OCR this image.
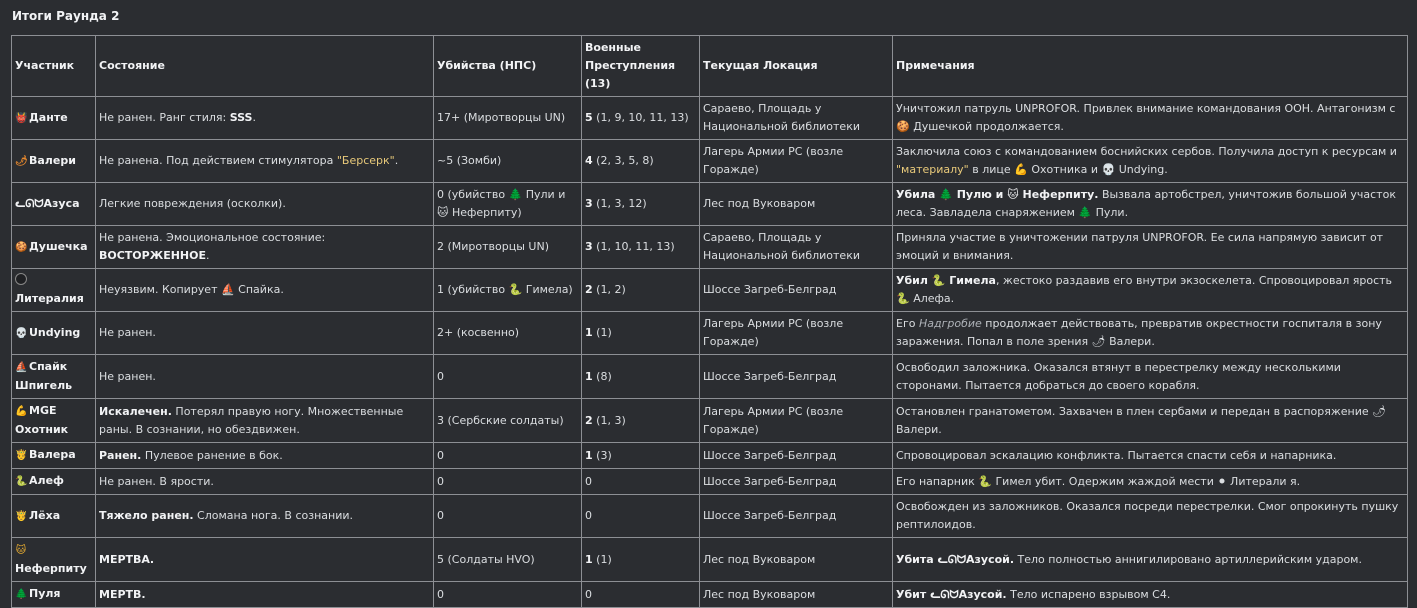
Итоги Раунда 2
Участник	Состояние	Убийства (НПС)	Военные Преступления (13)	Текущая Локация	Примечания
👹 Данте	Не ранен. Ранг стиля: SSS.	17+ (Миротворцы UN)	5 (1, 9, 10, 11, 13)	Сараево, Площадь у Национальной библиотеки	Уничтожил патруль UNPROFOR. Привлек внимание командования ООН. Антагонизм с 🍪 Душечкой продолжается.
🌶Валери	Не ранена. Под действием стимулятора "Берсерк".	~5 (Зомби)	4 (2, 3, 5, 8)	Лагерь Армии РС (возле Горажде)	Заключила союз с командованием боснийских сербов. Получила доступ к ресурсам и "материалу" в лице 💪 Охотника и 💀 Undying.
ᓚᘏᗢАзуса	Легкие повреждения (осколки).	0 (убийство 🌲 Пули и 🐱 Неферпиту)	3 (1, 3, 12)	Лес под Вуковаром	Убила 🌲 Пулю и 🐱 Неферпиту. Вызвала артобстрел, уничтожив большой участок леса. Завладела снаряжением 🌲 Пули.
🍪 Душечка	Не ранена. Эмоциональное состояние: ВОСТОРЖЕННОЕ.	2 (Миротворцы UN)	3 (1, 10, 11, 13)	Сараево, Площадь у Национальной библиотеки	Приняла участие в уничтожении патруля UNPROFOR. Ее сила напрямую зависит от эмоций и внимания.
Литералия	Неуязвим. Копирует ⛵ Спайка.	1 (убийство 🐍 Гимела)	2 (1, 2)	Шоссе Загреб-Белград	Убил 🐍 Гимела, жестоко раздавив его внутри экзоскелета. Спровоцировал ярость 🐍 Алефа.
💀 Undying	Не ранен.	2+ (косвенно)	1 (1)	Лагерь Армии РС (возле Горажде)	Его Надгробие продолжает действовать, превратив окрестности госпиталя в зону заражения. Попал в поле зрения 🌶 Валери.
⛵ Спайк Шпигель	Не ранен.	0	1 (8)	Шоссе Загреб-Белград	Освободил заложника. Оказался втянут в перестрелку между несколькими сторонами. Пытается добраться до своего корабля.
💪 MGE Охотник	Искалечен. Потерял правую ногу. Множественные раны. В сознании, но обездвижен.	3 (Сербские солдаты)	2 (1, 3)	Лагерь Армии РС (возле Горажде)	Остановлен гранатометом. Захвачен в плен сербами и передан в распоряжение 🌶 Валери.
🤴 Валера	Ранен. Пулевое ранение в бок.	0	1 (3)	Шоссе Загреб-Белград	Спровоцировал эскалацию конфликта. Пытается спасти себя и напарника.
🐍 Алеф	Не ранен. В ярости.	0	0	Шоссе Загреб-Белград	Его напарник 🐍 Гимел убит. Одержим жаждой мести ⚫ Литерали я.
🤴 Лёха	Тяжело ранен. Сломана нога. В сознании.	0	0	Шоссе Загреб-Белград	Освобожден из заложников. Оказался посреди перестрелки. Смог опрокинуть пушку рептилоидов.
🐱Неферпиту	МЕРТВА.	5 (Солдаты HVO)	1 (1)	Лес под Вуковаром	Убита ᓚᘏᗢАзусой. Тело полностью аннигилировано артиллерийским ударом.
🌲 Пуля	МЕРТВ.	0	0	Лес под Вуковаром	Убит ᓚᘏᗢАзусой. Тело испарено взрывом С4.
